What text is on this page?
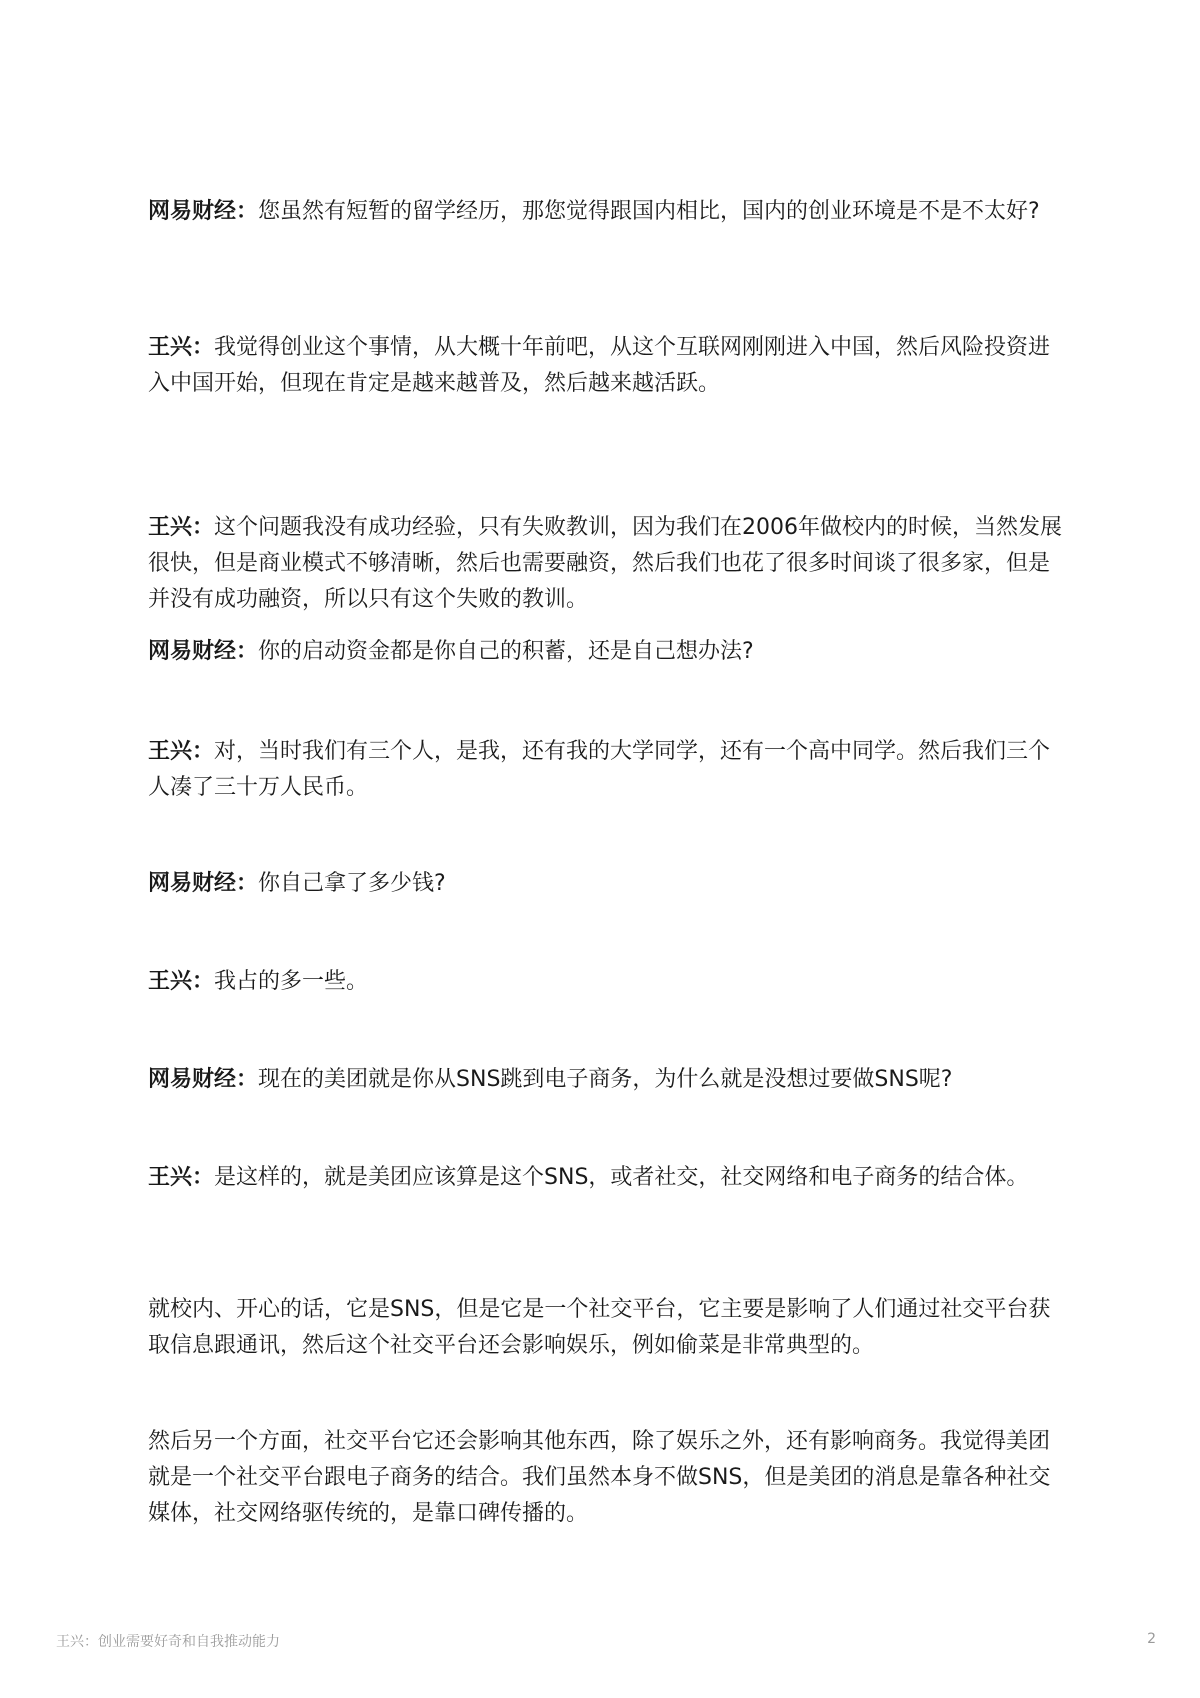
网易财经：您虽然有短暂的留学经历，那您觉得跟国内相比，国内的创业环境是不是不太好?

王兴：我觉得创业这个事情，从大概十年前吧，从这个互联网刚刚进入中国，然后风险投资进入中国开始，但现在肯定是越来越普及，然后越来越活跃。

王兴：这个问题我没有成功经验，只有失败教训，因为我们在2006年做校内的时候，当然发展很快，但是商业模式不够清晰，然后也需要融资，然后我们也花了很多时间谈了很多家，但是并没有成功融资，所以只有这个失败的教训。

网易财经：你的启动资金都是你自己的积蓄，还是自己想办法?

王兴：对，当时我们有三个人，是我，还有我的大学同学，还有一个高中同学。然后我们三个人凑了三十万人民币。

网易财经：你自己拿了多少钱?

王兴：我占的多一些。

网易财经：现在的美团就是你从SNS跳到电子商务，为什么就是没想过要做SNS呢?

王兴：是这样的，就是美团应该算是这个SNS，或者社交，社交网络和电子商务的结合体。

就校内、开心的话，它是SNS，但是它是一个社交平台，它主要是影响了人们通过社交平台获取信息跟通讯，然后这个社交平台还会影响娱乐，例如偷菜是非常典型的。

然后另一个方面，社交平台它还会影响其他东西，除了娱乐之外，还有影响商务。我觉得美团就是一个社交平台跟电子商务的结合。我们虽然本身不做SNS，但是美团的消息是靠各种社交媒体，社交网络驱传统的，是靠口碑传播的。

王兴：创业需要好奇和自我推动能力	2
